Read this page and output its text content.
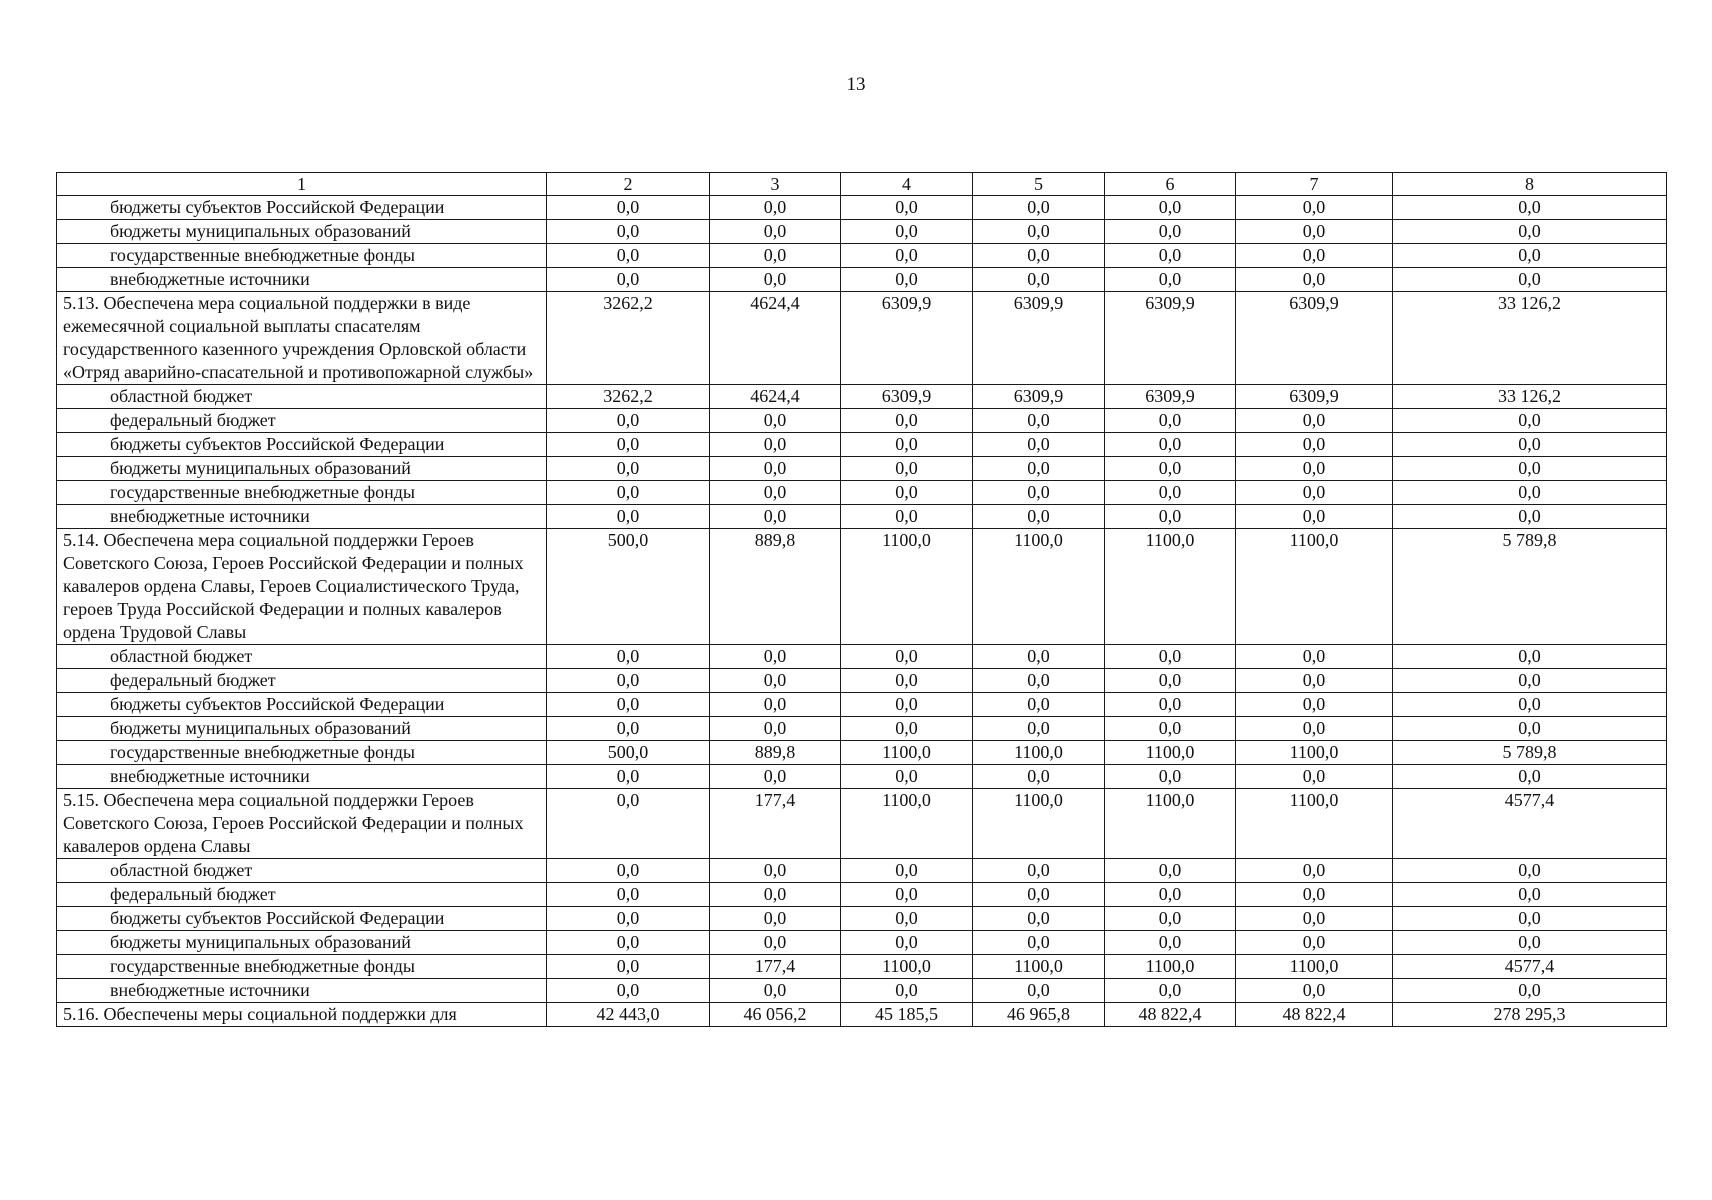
13
1	2	3	4	5	6	7	8
бюджеты субъектов Российской Федерации	0,0	0,0	0,0	0,0	0,0	0,0	0,0
бюджеты муниципальных образований	0,0	0,0	0,0	0,0	0,0	0,0	0,0
государственные внебюджетные фонды	0,0	0,0	0,0	0,0	0,0	0,0	0,0
внебюджетные источники	0,0	0,0	0,0	0,0	0,0	0,0	0,0
5.13. Обеспечена мера социальной поддержки в виде ежемесячной социальной выплаты спасателям государственного казенного учреждения Орловской области «Отряд аварийно-спасательной и противопожарной службы»	3262,2	4624,4	6309,9	6309,9	6309,9	6309,9	33 126,2
областной бюджет	3262,2	4624,4	6309,9	6309,9	6309,9	6309,9	33 126,2
федеральный бюджет	0,0	0,0	0,0	0,0	0,0	0,0	0,0
бюджеты субъектов Российской Федерации	0,0	0,0	0,0	0,0	0,0	0,0	0,0
бюджеты муниципальных образований	0,0	0,0	0,0	0,0	0,0	0,0	0,0
государственные внебюджетные фонды	0,0	0,0	0,0	0,0	0,0	0,0	0,0
внебюджетные источники	0,0	0,0	0,0	0,0	0,0	0,0	0,0
5.14. Обеспечена мера социальной поддержки Героев Советского Союза, Героев Российской Федерации и полных кавалеров ордена Славы, Героев Социалистического Труда, героев Труда Российской Федерации и полных кавалеров ордена Трудовой Славы	500,0	889,8	1100,0	1100,0	1100,0	1100,0	5 789,8
областной бюджет	0,0	0,0	0,0	0,0	0,0	0,0	0,0
федеральный бюджет	0,0	0,0	0,0	0,0	0,0	0,0	0,0
бюджеты субъектов Российской Федерации	0,0	0,0	0,0	0,0	0,0	0,0	0,0
бюджеты муниципальных образований	0,0	0,0	0,0	0,0	0,0	0,0	0,0
государственные внебюджетные фонды	500,0	889,8	1100,0	1100,0	1100,0	1100,0	5 789,8
внебюджетные источники	0,0	0,0	0,0	0,0	0,0	0,0	0,0
5.15. Обеспечена мера социальной поддержки Героев Советского Союза, Героев Российской Федерации и полных кавалеров ордена Славы	0,0	177,4	1100,0	1100,0	1100,0	1100,0	4577,4
областной бюджет	0,0	0,0	0,0	0,0	0,0	0,0	0,0
федеральный бюджет	0,0	0,0	0,0	0,0	0,0	0,0	0,0
бюджеты субъектов Российской Федерации	0,0	0,0	0,0	0,0	0,0	0,0	0,0
бюджеты муниципальных образований	0,0	0,0	0,0	0,0	0,0	0,0	0,0
государственные внебюджетные фонды	0,0	177,4	1100,0	1100,0	1100,0	1100,0	4577,4
внебюджетные источники	0,0	0,0	0,0	0,0	0,0	0,0	0,0
5.16. Обеспечены меры социальной поддержки для	42 443,0	46 056,2	45 185,5	46 965,8	48 822,4	48 822,4	278 295,3
